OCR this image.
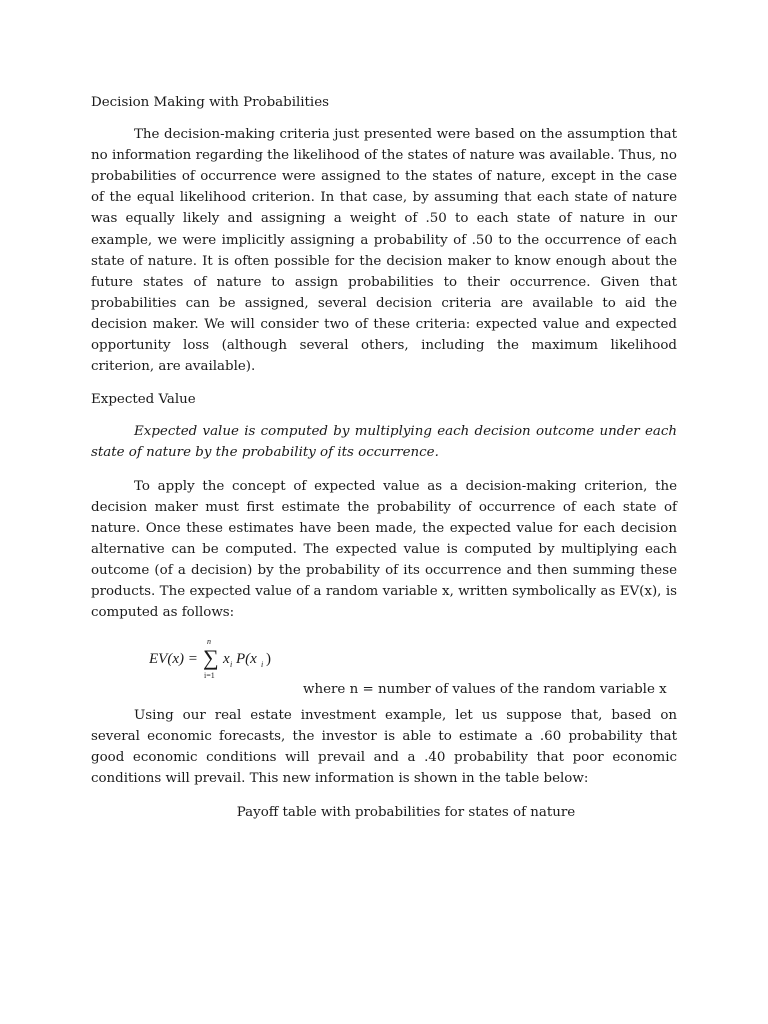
Decision Making with Probabilities

The decision-making criteria just presented were based on the assumption that no information regarding the likelihood of the states of nature was available. Thus, no probabilities of occurrence were assigned to the states of nature, except in the case of the equal likelihood criterion. In that case, by assuming that each state of nature was equally likely and assigning a weight of .50 to each state of nature in our example, we were implicitly assigning a probability of .50 to the occurrence of each state of nature. It is often possible for the decision maker to know enough about the future states of nature to assign probabilities to their occurrence. Given that probabilities can be assigned, several decision criteria are available to aid the decision maker. We will consider two of these criteria: expected value and expected opportunity loss (although several others, including the maximum likelihood criterion, are available).

Expected Value

Expected value is computed by multiplying each decision outcome under each state of nature by the probability of its occurrence.

To apply the concept of expected value as a decision-making criterion, the decision maker must first estimate the probability of occurrence of each state of nature. Once these estimates have been made, the expected value for each decision alternative can be computed. The expected value is computed by multiplying each outcome (of a decision) by the probability of its occurrence and then summing these products. The expected value of a random variable x, written symbolically as EV(x), is computed as follows:

EV(x) =
n
∑
i=1
x i P(x i )
where n = number of values of the random variable x

Using our real estate investment example, let us suppose that, based on several economic forecasts, the investor is able to estimate a .60 probability that good economic conditions will prevail and a .40 probability that poor economic conditions will prevail. This new information is shown in the table below:

Payoff table with probabilities for states of nature
